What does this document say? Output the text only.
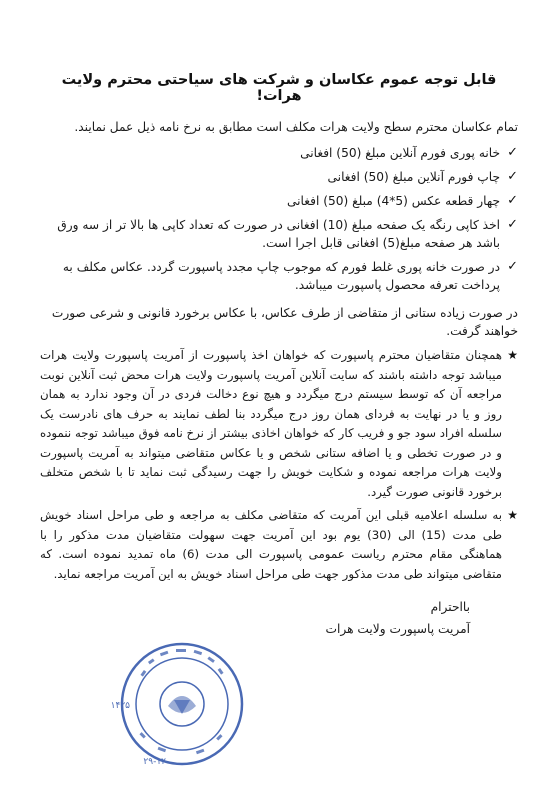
قابل توجه عموم عکاسان و شرکت های سیاحتی محترم ولایت هرات!
تمام عکاسان محترم سطح ولایت هرات مکلف است مطابق به نرخ نامه ذیل عمل نمایند.
✓
خانه پوری فورم آنلاین مبلغ (50) افغانی
✓
چاپ فورم آنلاین مبلغ (50) افغانی
✓
چهار قطعه عکس (5*4) مبلغ (50) افغانی
✓
اخذ کاپی رنگه یک صفحه مبلغ (10) افغانی در صورت که تعداد کاپی ها بالا تر از سه ورق باشد هر صفحه مبلغ(5) افغانی قابل اجرا است.
✓
در صورت خانه پوری غلط فورم که موجوب چاپ مجدد پاسپورت گردد. عکاس مکلف به پرداخت تعرفه محصول پاسپورت میباشد.
در صورت زیاده ستانی از متقاضی از طرف عکاس، با عکاس برخورد قانونی و شرعی صورت خواهند گرفت.
★
همچنان متقاضیان محترم پاسپورت که خواهان اخذ پاسپورت از آمریت پاسپورت ولایت هرات میباشد توجه داشته باشند که سایت آنلاین آمریت پاسپورت ولایت هرات محض ثبت آنلاین نوبت مراجعه آن که توسط سیستم درج میگردد و هیچ نوع دخالت فردی در آن وجود ندارد به همان روز و یا در نهایت به فردای همان روز درج میگردد بنا لطف نمایند به حرف های نادرست یک سلسله افراد سود جو و فریب کار که خواهان اخاذی بیشتر از نرخ نامه فوق میباشد توجه ننموده و در صورت تخطی و یا اضافه ستانی شخص و یا عکاس متقاضی میتواند به آمریت پاسپورت ولایت هرات مراجعه نموده و شکایت خویش را جهت رسیدگی ثبت نماید تا با شخص متخلف برخورد قانونی صورت گیرد.
★
به سلسله اعلامیه قبلی این آمریت که متقاضی مکلف به مراجعه و طی مراحل اسناد خویش طی مدت (15) الی (30) یوم بود این آمریت جهت سهولت متقاضیان مدت مذکور را با هماهنگی مقام محترم ریاست عمومی پاسپورت الی مدت (6) ماه تمدید نموده است. که متقاضی میتواند طی مدت مذکور جهت طی مراحل اسناد خویش به این آمریت مراجعه نماید.
بااحترام
آمریت پاسپورت ولایت هرات
۱۴۲۵
۲۹-۱۲
